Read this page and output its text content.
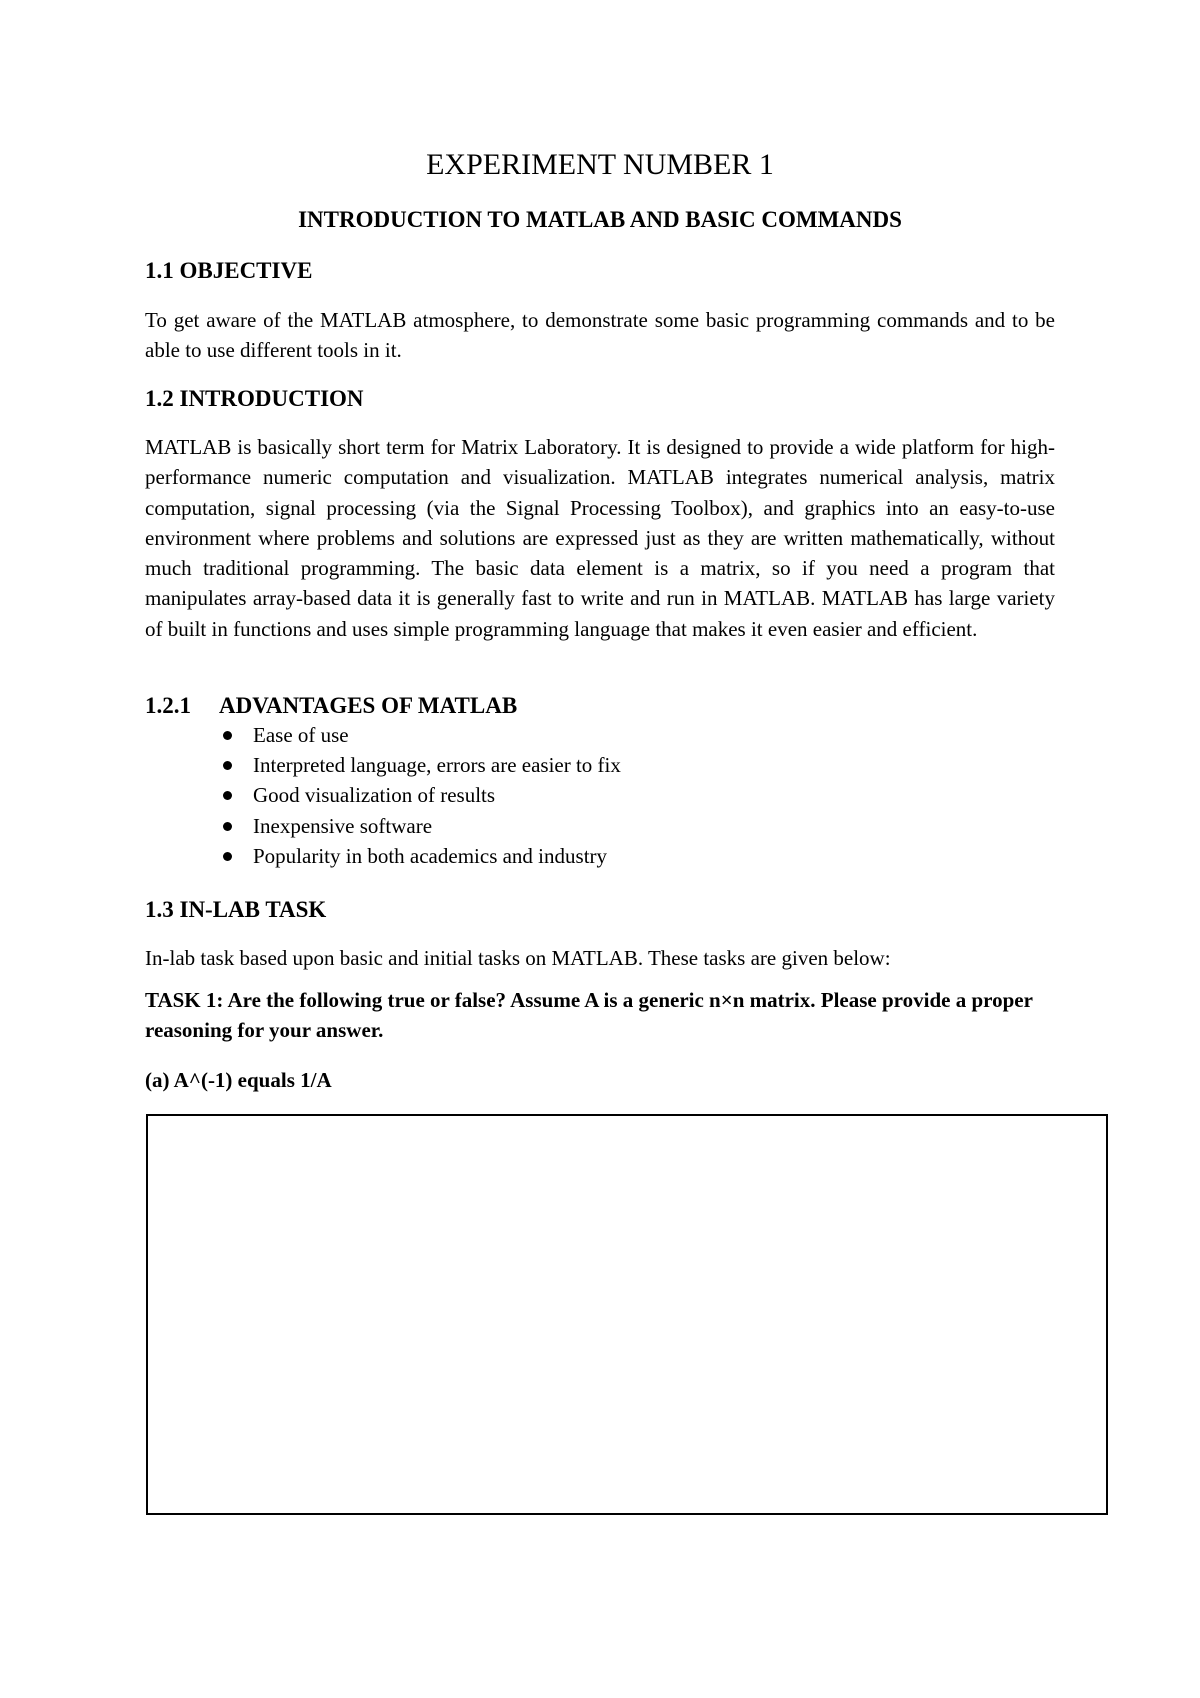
EXPERIMENT NUMBER 1
INTRODUCTION TO MATLAB AND BASIC COMMANDS
1.1 OBJECTIVE

To get aware of the MATLAB atmosphere, to demonstrate some basic programming commands and to be able to use different tools in it.

1.2 INTRODUCTION

MATLAB is basically short term for Matrix Laboratory. It is designed to provide a wide platform for high-performance numeric computation and visualization. MATLAB integrates numerical analysis, matrix computation, signal processing (via the Signal Processing Toolbox), and graphics into an easy-to-use environment where problems and solutions are expressed just as they are written mathematically, without much traditional programming. The basic data element is a matrix, so if you need a program that manipulates array-based data it is generally fast to write and run in MATLAB. MATLAB has large variety of built in functions and uses simple programming language that makes it even easier and efficient.

1.2.1 ADVANTAGES OF MATLAB
Ease of use
Interpreted language, errors are easier to fix
Good visualization of results
Inexpensive software
Popularity in both academics and industry
1.3 IN-LAB TASK

In-lab task based upon basic and initial tasks on MATLAB. These tasks are given below:

TASK 1: Are the following true or false? Assume A is a generic n×n matrix. Please provide a proper reasoning for your answer.

(a) A^(-1) equals 1/A
